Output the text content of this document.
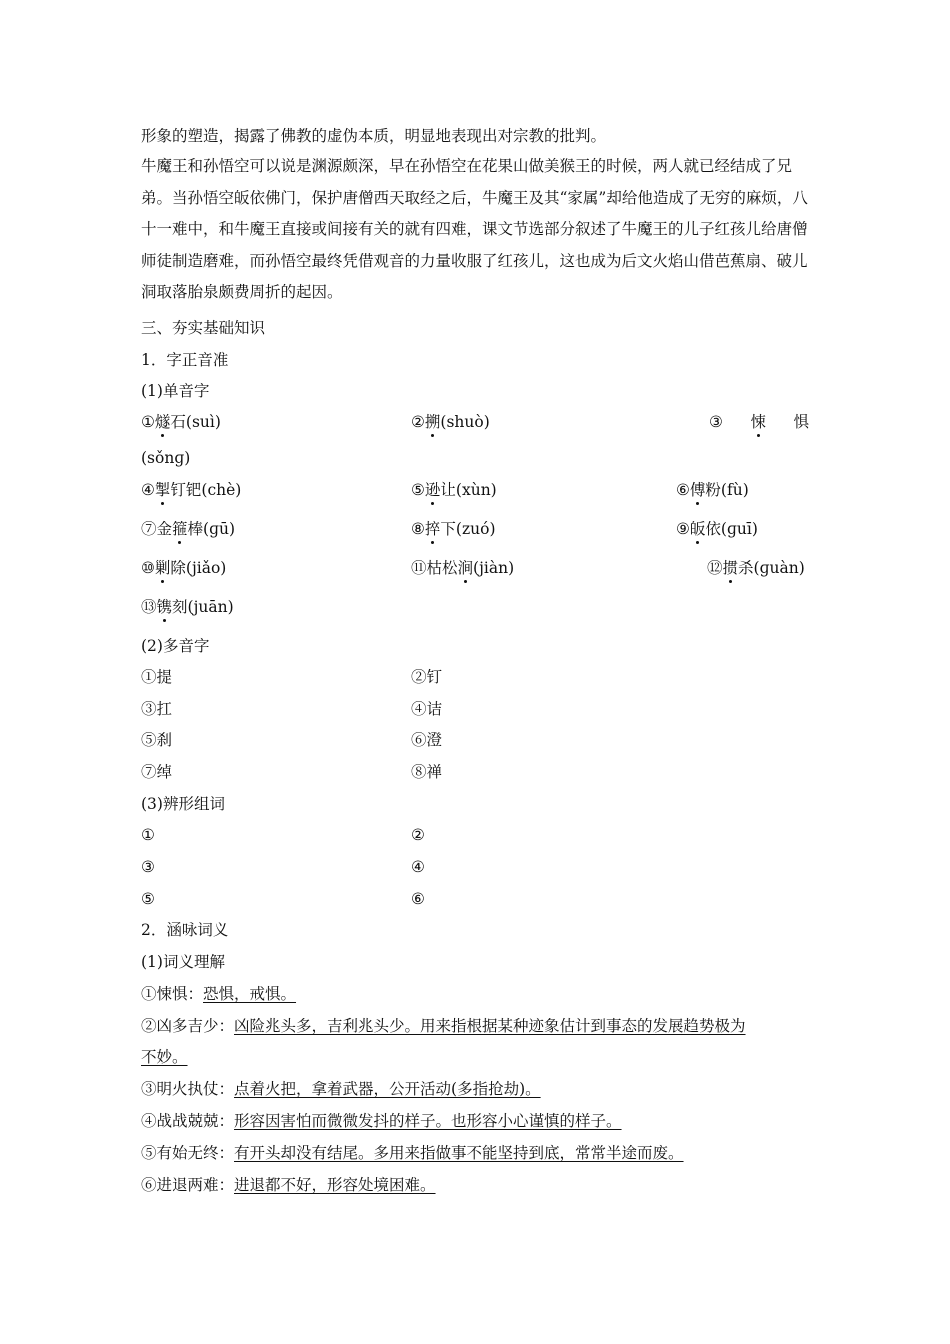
形象的塑造，揭露了佛教的虚伪本质，明显地表现出对宗教的批判。

牛魔王和孙悟空可以说是渊源颇深，早在孙悟空在花果山做美猴王的时候，两人就已经结成了兄弟。当孙悟空皈依佛门，保护唐僧西天取经之后，牛魔王及其“家属”却给他造成了无穷的麻烦，八十一难中，和牛魔王直接或间接有关的就有四难，课文节选部分叙述了牛魔王的儿子红孩儿给唐僧师徒制造磨难，而孙悟空最终凭借观音的力量收服了红孩儿，这也成为后文火焰山借芭蕉扇、破儿洞取落胎泉颇费周折的起因。

三、夯实基础知识
1．字正音准
(1)单音字
①燧石(suì)	②搠(shuò)	③ 悚 惧
(sǒnɡ)
④掣钉钯(chè)	⑤逊让(xùn)	⑥傅粉(fù)
⑦金箍棒(ɡū)	⑧捽下(zuó)	⑨皈依(ɡuī)
⑩剿除(jiǎo)	⑪枯松涧(jiàn)	⑫掼杀(ɡuàn)
⑬镌刻(juān)
(2)多音字
①提	②钉
③扛	④诘
⑤刹	⑥澄
⑦绰	⑧禅
(3)辨形组词
①	②
③	④
⑤	⑥
2．涵咏词义
(1)词义理解
①悚惧：恐惧，戒惧。
②凶多吉少：凶险兆头多，吉利兆头少。用来指根据某种迹象估计到事态的发展趋势极为
不妙。
③明火执仗：点着火把，拿着武器，公开活动(多指抢劫)。
④战战兢兢：形容因害怕而微微发抖的样子。也形容小心谨慎的样子。
⑤有始无终：有开头却没有结尾。多用来指做事不能坚持到底，常常半途而废。
⑥进退两难：进退都不好，形容处境困难。
